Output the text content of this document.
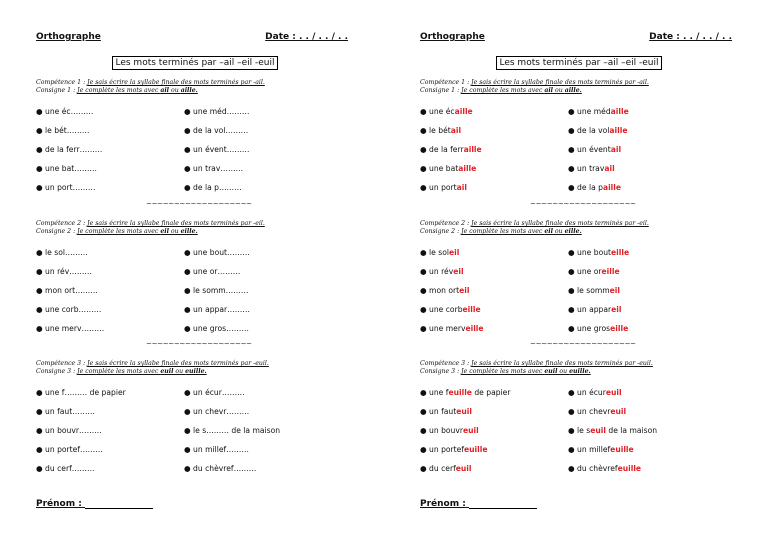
Orthographe	Date : . . / . . / . .
Les mots terminés par –ail –eil -euil
Compétence 1 : Je sais écrire la syllabe finale des mots terminés par -ail.
Consigne 1 : Je complète les mots avec ail ou aille.
● une éc………	● une méd………
● le bét………	● de la vol………
● de la ferr………	● un évent………
● une bat………	● un trav………
● un port………	● de la p………
~~~~~~~~~~~~~~~~~~~
Compétence 2 : Je sais écrire la syllabe finale des mots terminés par -eil.
Consigne 2 : Je complète les mots avec eil ou eille.
● le sol………	● une bout………
● un rév………	● une or………
● mon ort………	● le somm………
● une corb………	● un appar………
● une merv………	● une gros………
~~~~~~~~~~~~~~~~~~~
Compétence 3 : Je sais écrire la syllabe finale des mots terminés par -euil.
Consigne 3 : Je complète les mots avec euil ou euille.
● une f……… de papier	● un écur………
● un faut………	● un chevr………
● un bouvr………	● le s……… de la maison
● un portef………	● un millef………
● du cerf………	● du chèvref………
Prénom :
Orthographe	Date : . . / . . / . .
Les mots terminés par –ail –eil -euil
Compétence 1 : Je sais écrire la syllabe finale des mots terminés par -ail.
Consigne 1 : Je complète les mots avec ail ou aille.
● une écaille	● une médaille
● le bétail	● de la volaille
● de la ferraille	● un éventail
● une bataille	● un travail
● un portail	● de la paille
~~~~~~~~~~~~~~~~~~~
Compétence 2 : Je sais écrire la syllabe finale des mots terminés par -eil.
Consigne 2 : Je complète les mots avec eil ou eille.
● le soleil	● une bouteille
● un réveil	● une oreille
● mon orteil	● le sommeil
● une corbeille	● un appareil
● une merveille	● une groseille
~~~~~~~~~~~~~~~~~~~
Compétence 3 : Je sais écrire la syllabe finale des mots terminés par -euil.
Consigne 3 : Je complète les mots avec euil ou euille.
● une feuille de papier	● un écureuil
● un fauteuil	● un chevreuil
● un bouvreuil	● le seuil de la maison
● un portefeuille	● un millefeuille
● du cerfeuil	● du chèvrefeuille
Prénom :
